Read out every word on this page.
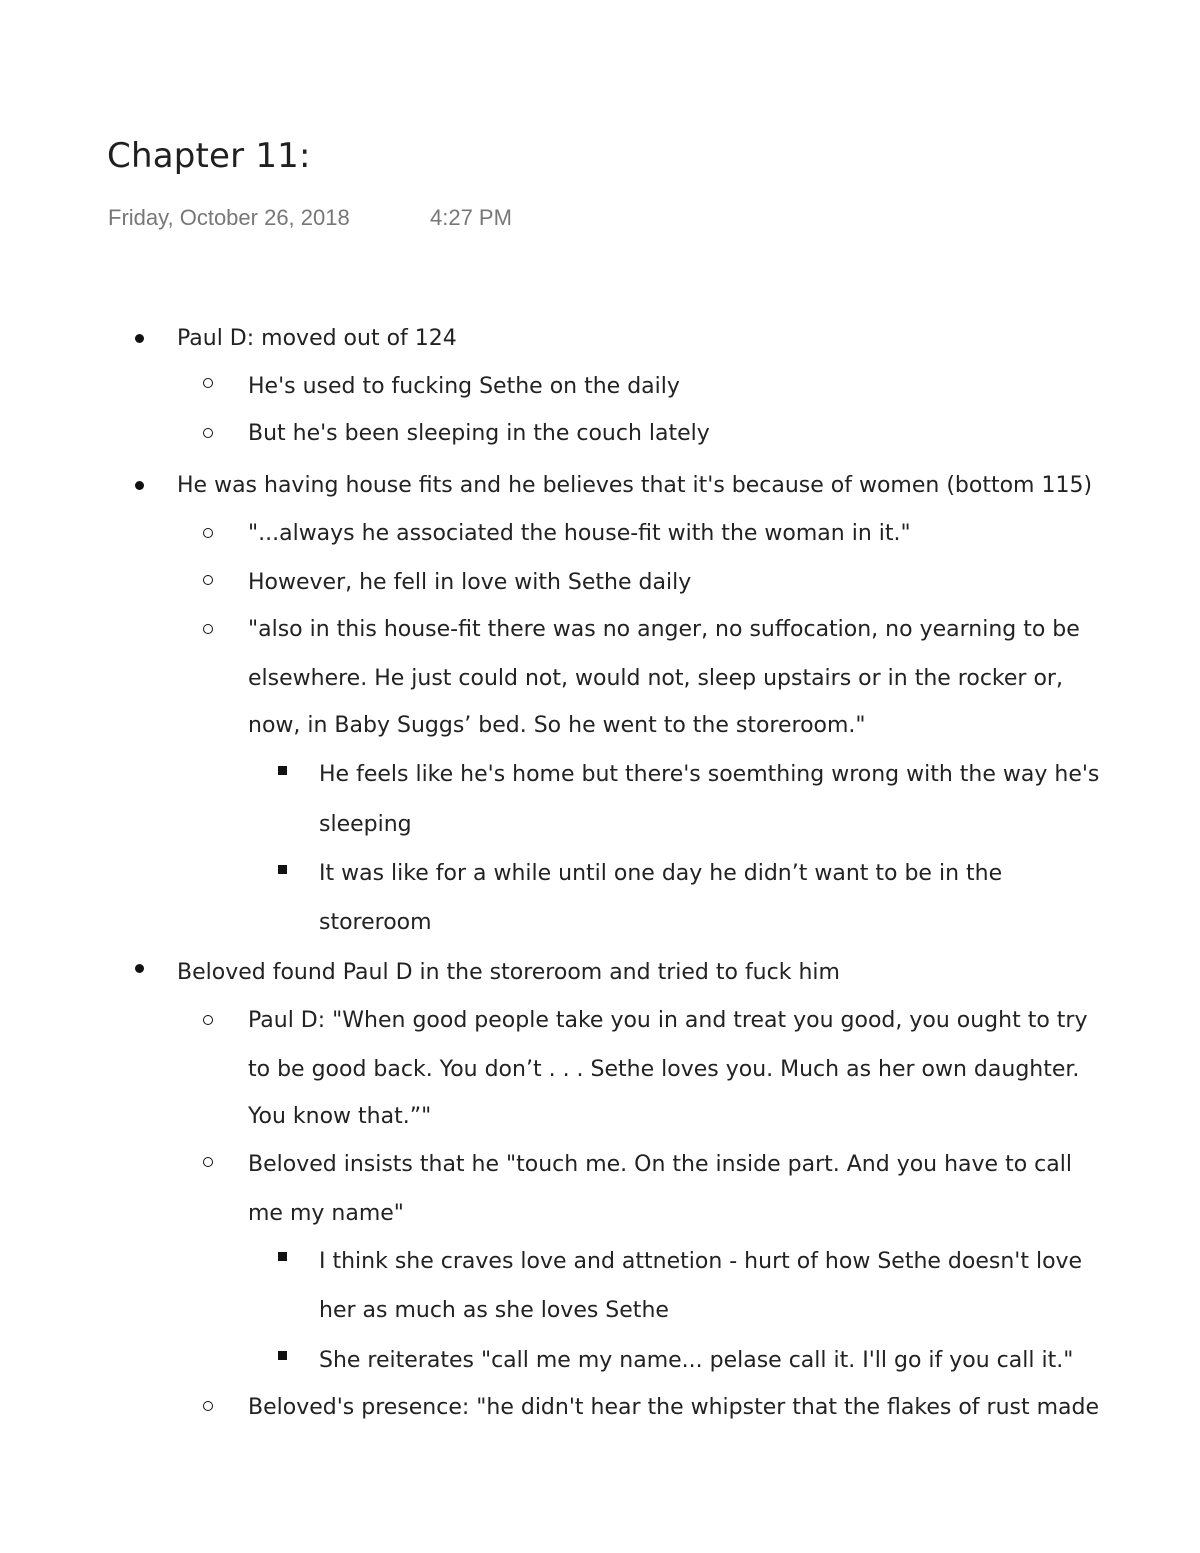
Chapter 11:
Friday, October 26, 2018	4:27 PM
Paul D: moved out of 124
He's used to fucking Sethe on the daily
But he's been sleeping in the couch lately
He was having house fits and he believes that it's because of women (bottom 115)
"...always he associated the house-fit with the woman in it."
However, he fell in love with Sethe daily
"also in this house-fit there was no anger, no suffocation, no yearning to be
elsewhere. He just could not, would not, sleep upstairs or in the rocker or,
now, in Baby Suggs’ bed. So he went to the storeroom."
He feels like he's home but there's soemthing wrong with the way he's
sleeping
It was like for a while until one day he didn’t want to be in the
storeroom
Beloved found Paul D in the storeroom and tried to fuck him
Paul D: "When good people take you in and treat you good, you ought to try
to be good back. You don’t . . . Sethe loves you. Much as her own daughter.
You know that.”"
Beloved insists that he "touch me. On the inside part. And you have to call
me my name"
I think she craves love and attnetion - hurt of how Sethe doesn't love
her as much as she loves Sethe
She reiterates "call me my name... pelase call it. I'll go if you call it."
Beloved's presence: "he didn't hear the whipster that the flakes of rust made
